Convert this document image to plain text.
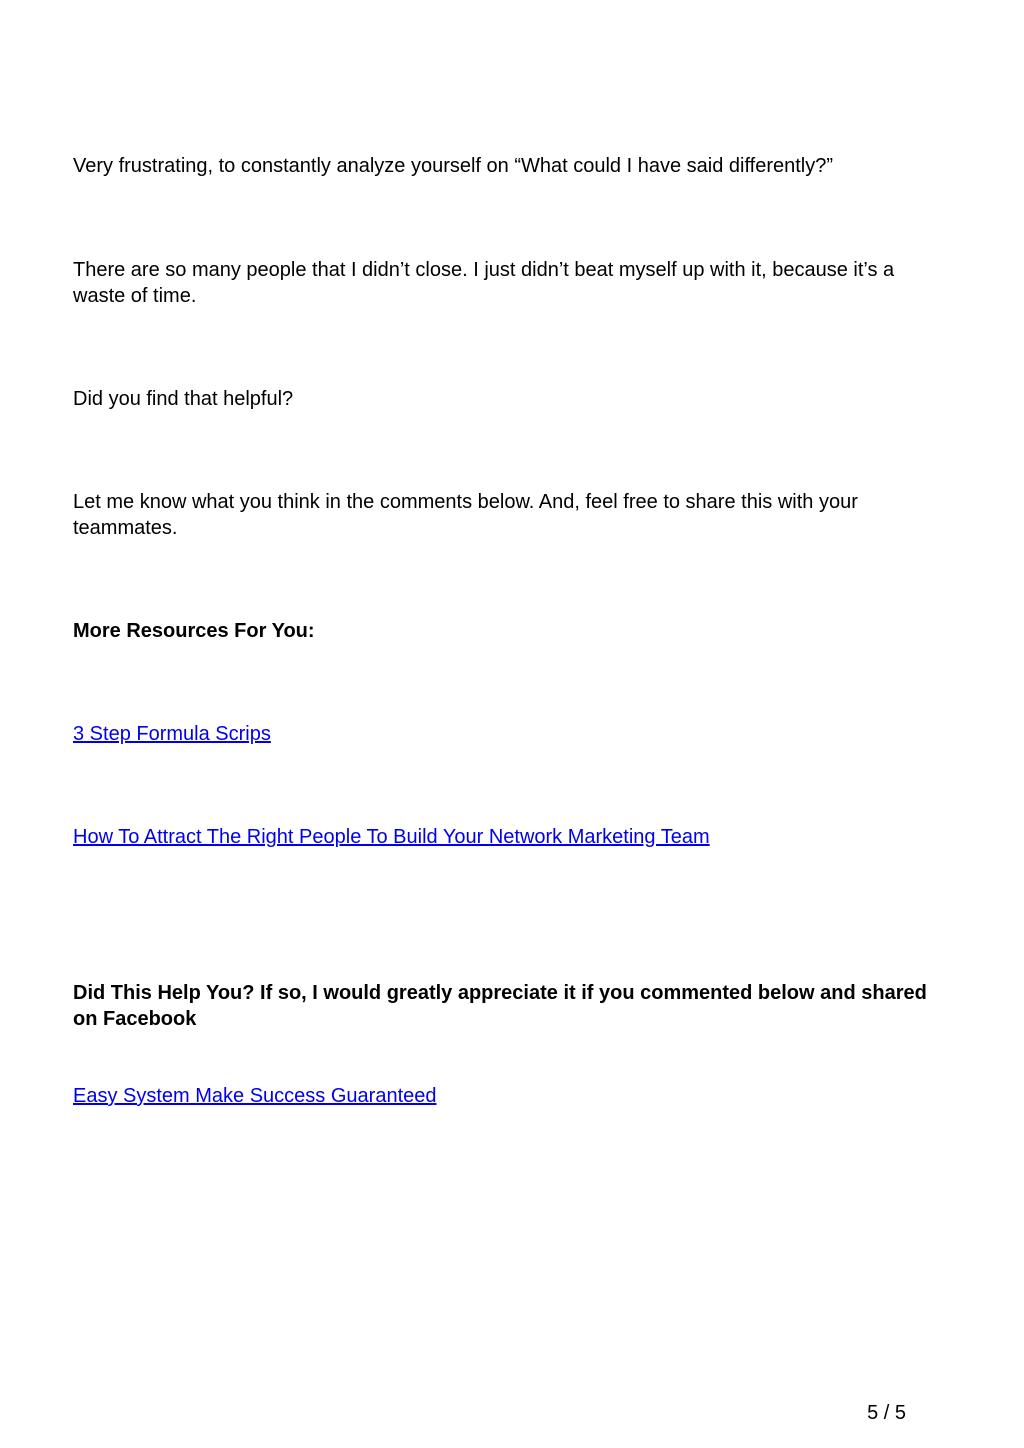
Very frustrating, to constantly analyze yourself on “What could I have said differently?”

There are so many people that I didn’t close. I just didn’t beat myself up with it, because it’s a waste of time.

Did you find that helpful?

Let me know what you think in the comments below. And, feel free to share this with your teammates.

More Resources For You:

3 Step Formula Scrips

How To Attract The Right People To Build Your Network Marketing Team

Did This Help You? If so, I would greatly appreciate it if you commented below and shared on Facebook

Easy System Make Success Guaranteed

5 / 5
